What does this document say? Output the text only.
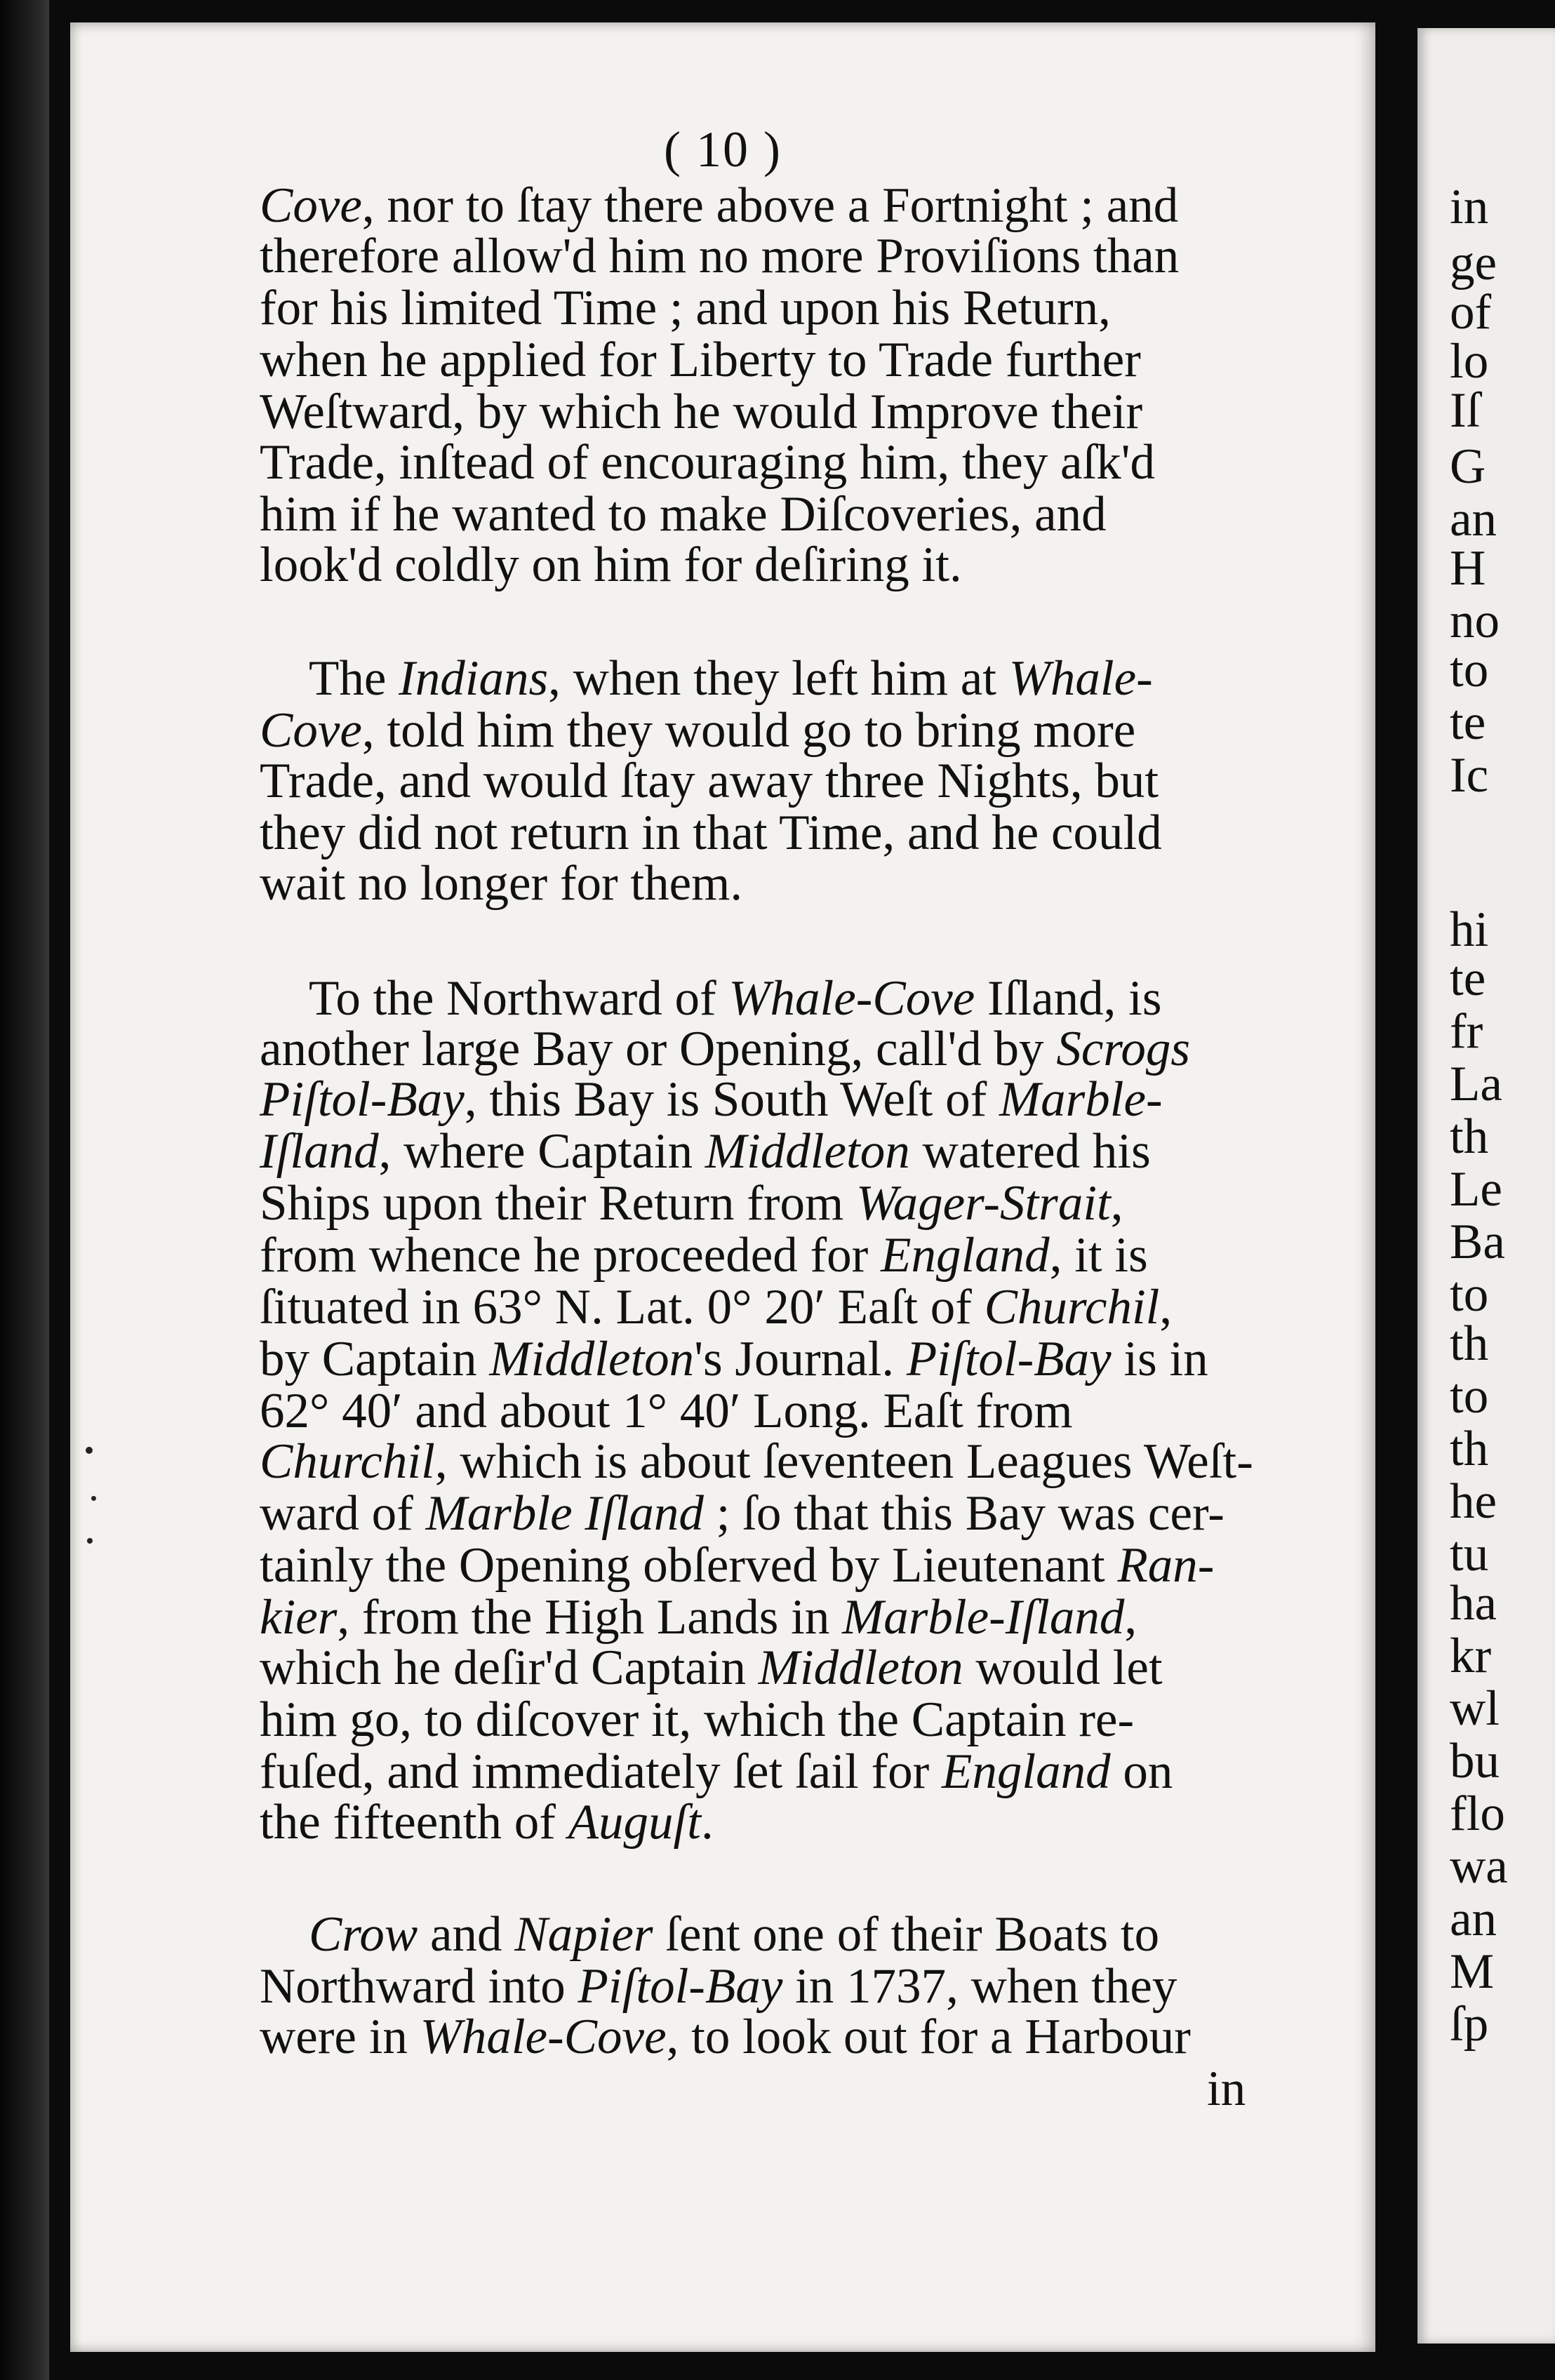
( 10 )
Cove, nor to ſtay there above a Fortnight ; and
therefore allow'd him no more Proviſions than
for his limited Time ; and upon his Return,
when he applied for Liberty to Trade further
Weſtward, by which he would Improve their
Trade, inſtead of encouraging him, they aſk'd
him if he wanted to make Diſcoveries, and
look'd coldly on him for deſiring it.
The Indians, when they left him at Whale-
Cove, told him they would go to bring more
Trade, and would ſtay away three Nights, but
they did not return in that Time, and he could
wait no longer for them.
To the Northward of Whale-Cove Iſland, is
another large Bay or Opening, call'd by Scrogs
Piſtol-Bay, this Bay is South Weſt of Marble-
Iſland, where Captain Middleton watered his
Ships upon their Return from Wager-Strait,
from whence he proceeded for England, it is
ſituated in 63° N. Lat. 0° 20′ Eaſt of Churchil,
by Captain Middleton's Journal. Piſtol-Bay is in
62° 40′ and about 1° 40′ Long. Eaſt from
Churchil, which is about ſeventeen Leagues Weſt-
ward of Marble Iſland ; ſo that this Bay was cer-
tainly the Opening obſerved by Lieutenant Ran-
kier, from the High Lands in Marble-Iſland,
which he deſir'd Captain Middleton would let
him go, to diſcover it, which the Captain re-
fuſed, and immediately ſet ſail for England on
the fifteenth of Auguſt.
Crow and Napier ſent one of their Boats to
Northward into Piſtol-Bay in 1737, when they
were in Whale-Cove, to look out for a Harbour
in
in
ge
of
lo
Iſ
G
an
H
no
to
te
Ic
hi
te
fr
La
th
Le
Ba
to
th
to
th
he
tu
ha
kr
wl
bu
flo
wa
an
M
ſp
